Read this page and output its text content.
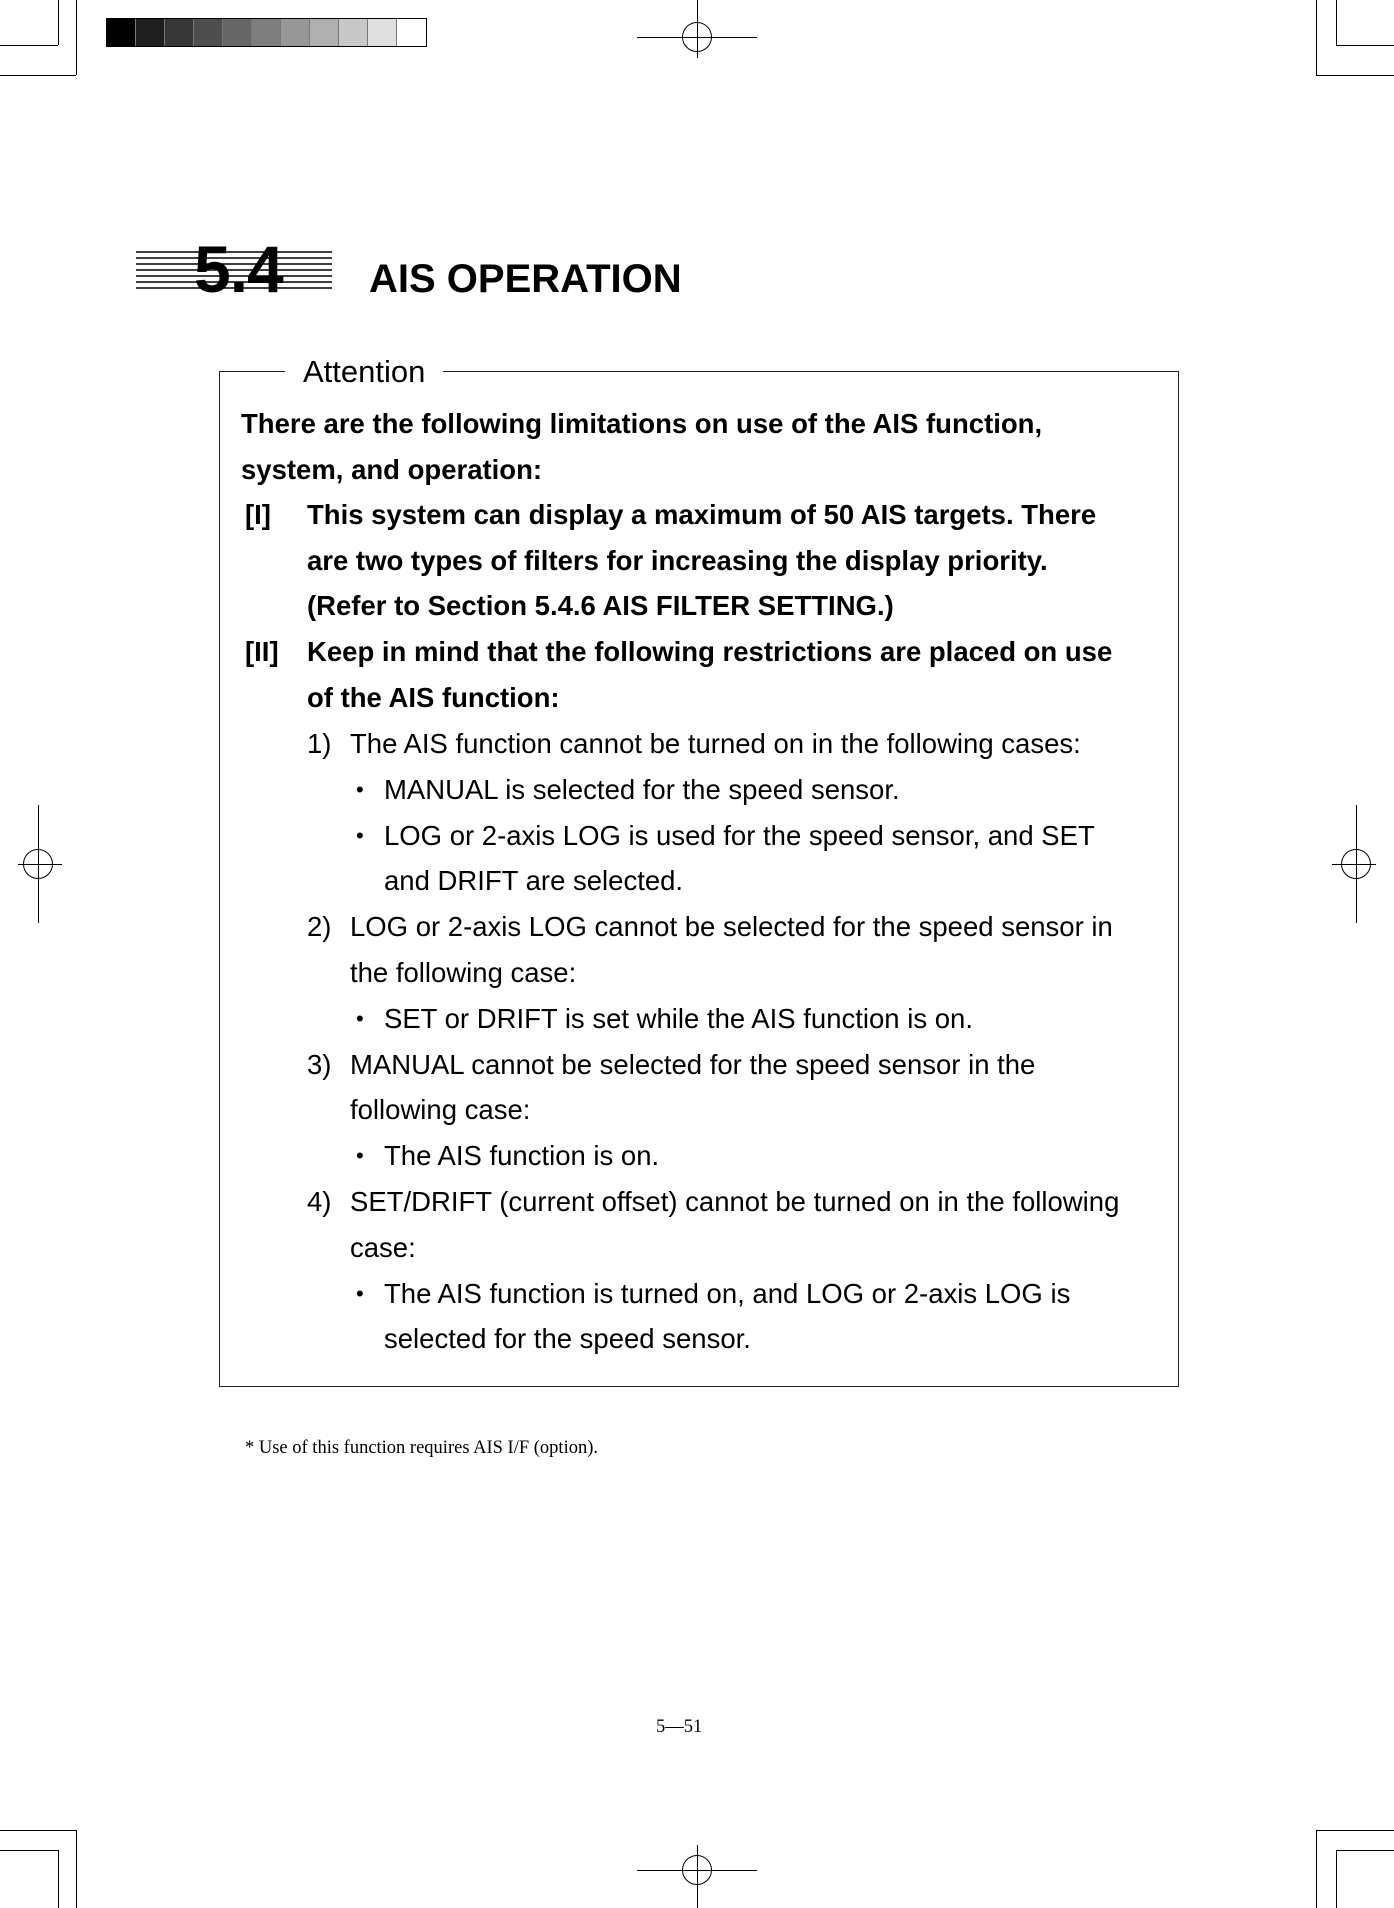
5.4 AIS OPERATION
Attention
There are the following limitations on use of the AIS function,
system, and operation:
[I] This system can display a maximum of 50 AIS targets. There
are two types of filters for increasing the display priority.
(Refer to Section 5.4.6 AIS FILTER SETTING.)
[II] Keep in mind that the following restrictions are placed on use
of the AIS function:
1) The AIS function cannot be turned on in the following cases:
• MANUAL is selected for the speed sensor.
• LOG or 2-axis LOG is used for the speed sensor, and SET
and DRIFT are selected.
2) LOG or 2-axis LOG cannot be selected for the speed sensor in
the following case:
• SET or DRIFT is set while the AIS function is on.
3) MANUAL cannot be selected for the speed sensor in the
following case:
• The AIS function is on.
4) SET/DRIFT (current offset) cannot be turned on in the following
case:
• The AIS function is turned on, and LOG or 2-axis LOG is
selected for the speed sensor.
* Use of this function requires AIS I/F (option).
5—51
